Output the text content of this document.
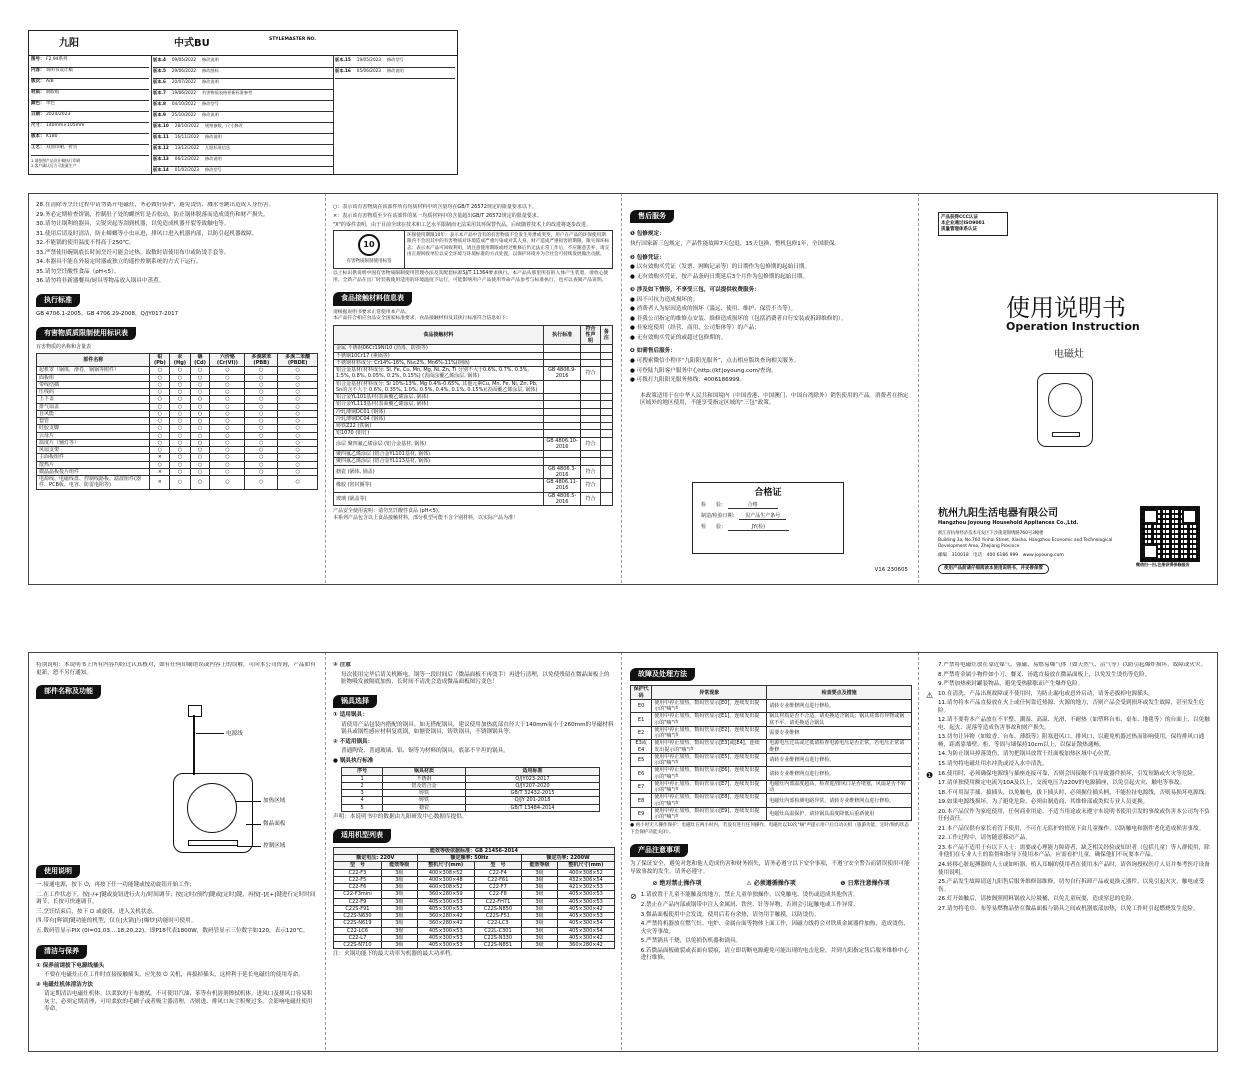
九阳	中式BU	STYLEMASTER NO.
图号： F2.94系列
内容： 说明书设计稿
版次： A/B
材质： 铜版纸
颜色： 单色
日期： 2024/2023
尺寸： 140mm×105mm
版本： K180
工艺： 双面印刷，折页
1.请按照产品设计稿执行印刷
2.客户确认后方可批量生产
版本.4 09/05/2022 修改说明
版本.5 29/06/2022 修改图标
版本.6 20/07/2022 修改说明
版本.7 19/06/2022 有害物质表格更新标准参考
版本.8 04/10/2022 修改型号
版本.9 25/10/2022 修改说明
版本.10 28/10/2022 规格参数，尺寸修改
版本.11 16/11/2022 修改说明
版本.12 13/12/2022 九阳标准信息
版本.13 06/12/2022 修改说明
版本.14 01/02/2023 修改型号
版本.15 19/05/2023 修改型号
版本.16 05/06/2023 修改说明

28.在清除等烹饪过程中请勿离开电磁灶，务必做好防护，避免烫伤、溅水等跳出造成人身伤害。

29.务必定期检查饼锅，控制肚子处的螺丝钉是否松动，防止锅体脱落而造成烫伤和财产损失。

30.请勿让锅利的器具，尖锐突起等刮到机器，以免造成机器开裂等致触电等。

31.使用后请及时清洁，防止蟑螂等小虫从进，排风口进入机器内部，以防引起机器故障。

32.不能锅的使用温度不得高于250℃。

33.严禁使用碗锅底长时间烹饪可能会过热，取数时请使用布巾或防烫手套等。

34.本器具不能在外接定时器或独立的遥控控制系统的方式下运行。

35.请勿烹饪酸性食品（pH<5）。

36.请勿将非新器餐具/厨具等物品放入锅具中蒸煮。

执行标准

GB 4706.1-2005，GB 4706.29-2008，Q/JY017-2017

有害物质质限制使用标识表

有害物质的名称和含量表

部件名称	铅(Pb)	汞(Hg)	镉(Cd)	六价铬(Cr(VI))	多溴联苯(PBB)	多溴二苯醚(PBDE)
起机罩（锅体，滑卷，锅锅等附件）	○	○	○	○	○	○
面板组	○	○	○	○	○	○
带线结插	○	○	○	○	○	○
压线码	○	○	○	○	○	○
上下盖	○	○	○	○	○	○
排气扇盖	○	○	○	○	○	○
自风能	○	○	○	○	○	○
套管	○	○	○	○	○	○
硅胶支脚	○	○	○	○	○	○
云母片	○	○	○	○	○	○
温度片（辅灯等）	○	○	○	○	○	○
风扇支架	○	○	○	○	○	○
主面板组件	×	○	○	○	○	○
散热片	○	○	○	○	○	○
微晶晶板投片组件	×	○	○	○	○	○
电源线、电磁线盘、控制线路板、滤波组件(器件、PCB板、电容、防雷电阻等)	×	○	○	○	○	○

○：表示该有害物质在该部件所有均质材料中的含量均在GB/T 26572规定的限量要求以下。

×：表示该有害物质至少在该部件的某一均质材料中的含量超出GB/T 26572规定的限量要求。

"X"的零件表明，由于目前全球在技术和工艺水平限制而无法采用其环保替代品，后续随着技术上的改进将逐步改进。

10
有害物质限制使用标签
环保使用期限10年：表示本产品中含有的有害物质不会发生外泄或突变，用户在产品的环保使用期限内不会因其中的有害物质对环境造成严重污染或对其人身、财产造成严重损害的期限。限失保环标志：表示本产品可回收利用，请注意使用期限或经过维修后仍无法正常工作后，不应随意丢弃，请交由正规回收单位以安全环境与环境标准的方式处置，以保护环境并为合社会可持续发展做出贡献。

以上标识供说明中国有害物质限制使用管理办法及其配套标准SJ/T 11364要求执行。本产品从那里所有的人体产生装着，请放心使用。全新产品在出厂时装载使用适用的环境温度下运行，可能影响用户产品使用寿命产品参考与标准执行，也可以查阅产品说明。

食品接触材料信息表

请根据说明书要求正常使用本产品。

本产品符合相应食品安全国家标准要求，食品接触材料及其执行标准符合信息如下：

食品接触材料	执行标准	符合性声明	备注
金属 不锈钢06Cr19Ni10 (消毒、防损等)			
不锈钢10Cr17 (素锅等)			
不锈钢材料成分: Cr14%-16%, Ni≤2%, Mn6%-11%(钢锅)			
铝合金基材(材料成分: Si, Fe, Cu, Mn, Mg, Ni, Zn, Ti 分别不大于0.6%, 0.7%, 0.3%, 1.5%, 0.8%, 0.05%, 0.2%, 0.15%) (表面涂覆乙烯涂层, 锅体)	GB 4806.9-2016	符合	
铝合金基材(材料成分: Si 10%-13%, Mg 0.4%-0.65%, 其他元素Cu, Mn, Fe, Ni, Zn, Pb, Sn的含不大于 0.6%, 0.35%, 1.0%, 0.5%, 0.4%, 0.1%, 0.15%)(表面覆乙烯涂层, 锅体)			
铝合金YL101基材(表面覆乙烯涂层, 锅体)			
铝合金YL113基材(表面覆乙烯涂层, 锅体)			
冷轧薄钢DC01 (钢体)			
冷轧薄钢DC04 (钢体)			
铸铁Z22 (铁锅)			
铝1070 (铝钉)			
涂层 聚四氟乙烯涂层 (铝合金基材, 锅体)	GB 4806.10-2016	符合	
聚四氟乙烯涂层 (铝合金YL101基材, 锅体)			
聚四氟乙烯涂层 (铝合金YL113基材, 锅体)			
搪瓷 (锅体, 锅盖)	GB 4806.3-2016	符合	
橡胶 (密封圈等)	GB 4806.11-2016	符合	
玻璃 (锅盖等)	GB 4806.5-2016	符合	

产品安全使用说明：请勿烹饪酸性食品 (pH<5)。

本系列产品包含以上食品接触材料，部分机型可能不含个别材料，以实际产品为准！

售后服务

❶ 包修规定：

执行国家新三包规定，产品性能故障7天包退，15天包换，整机包修1年，全国联保。

❷ 包修凭证：

● 以有效购买凭证（发票、网购记录等）的日期作为包修期的起始日期。

● 无有效购买凭证，按产品条码日期延后3个月作为包修期的起始日期。

❸ 涉及如下情形，不享受三包，可以提供收费服务：

● 因不可抗力造成损坏的；

● 消费者人为原因造成的损坏（滥远、使用、维护、保管不当等）。

● 非我公司指定的维修点安装、维修造成损坏的（包括消费者自行安装或拆卸维修的）。

● 非家庭使用（经营、商用、公司集体等）的产品；

● 无有效购买凭证的或超过包修期的。

❹ 如需售后服务：

● 可搜索微信小程序“九阳阳光服务”，点击相应版块查询相关服务。

● 可登陆九阳客户服务中心http://kf.joyoung.com/查询。

● 可拨打九阳阳光服务热线：4006186999。

本政策适用于在中华人民共和国境内（中国香港、中国澳门、中国台湾除外）销售使用的产品。消费者在指定区域外的地区使用，不能享受指定区域的“三包”政策。

合格证
检　　验：	合格
制造/检验日期： 见产品生产条号
检　　验：	JY(检)
V16 230605
产品获得CCC认证
本企业通过ISO9001
质量管理体系认证
使用说明书
Operation Instruction
电磁灶
杭州九阳生活电器有限公司
Hangzhou Joyoung Household Appliances Co.,Ltd.
浙江省杭州经济技术开发区下沙街道锦绣路760号3幢楼
Building 3a, No.760 Yinhai Street, Xiasha, Hangzhou Economic and Technological Development Area, Zhejiang Province
邮编：310018　电话：400 6186 999　www.joyoung.com
使用产品前请仔细阅读本使用说明书，并妥善保管
微信扫一扫,注册获得保修服务

特别说明：本说明书上所有内容均经过认真核对，如有任何印刷错误或内容上的误解，可向本公司咨询，产品如有更新，恕不另行通知。

部件名称及功能
电源线
加热区域
微晶面板
控制区域
使用说明

一.接通电源，按下 ⏻，再按下任一功能键或按动旋钮开始工作；

二.在工作状态下，按[-/+]键或旋钮进行火力/时间调节；按[定时/预约]键或[定时]键，再按[-]/[+]键进行定时时间调节，长按可快速调节。

三.烹饪结束后，按下 ⏻ 或旋钮，进入关机状态。

四.带有[辉锅]键功能的机型，仅在[火锅]与[爆炒]功能时可使用。

五.数码管显示PIX (0l=01,03....18,20,22)，即P18代表1800W，数码管显示三位数字如120，表示120℃。

清洁与保养

① 保养前请拔下电源线插头

不要在电磁灶正在工作时直接接触插头，应先按 ⏻ 关机，再拔掉插头，这样利于延长电磁灶的使用寿命。

② 电磁灶机体清洁方法

请定期清洁电磁灶机体。以柔软的干布擦拭。不可使用汽油、苯等有机溶剂擦拭机体。进风口及排风口容易积灰尘，必须定期清理，可用柔软的毛刷子或者吸尘器清理，否则进、排风口灰尘积聚过多，会影响电磁灶使用寿命。

③ 注意

每次使用完毕后请关机断电。锅等一段时间后（微晶面板不再烫手）再进行清理，以免使残留在微晶面板上的脏物吸发被隔底加热，长时间不清洗会造成微晶面板图污变色！

锅具选择

① 适用锅具：

请使用产品包装内搭配的锅具。如无搭配锅具，建议使用加热底部直径大于140mm而小于260mm的导磁材料锅具或锅性感应材料复底锅，如搪瓷锅具，铸铁锅具，不锈钢锅具等。

② 不适用锅具：

普通陶瓷、普通玻璃、铝、铜等为材料的锅具，底部不平坦的锅具。

● 锅具执行标准

序号	锅具材质	适用标准
1	不锈钢	Q/JY023-2017
2	铝及铝合金	Q/JY207-2020
3	铸铁	GB/T 32432-2015
4	铸铁	Q/JY 201-2018
5	搪瓷	GB/T 13484-2014

声明：本说明书中的数据由九阳研发中心数据库提供。

适用机型列表
能效等级依据标准：GB 21456-2014					
额定电压: 220V		额定频率: 50Hz		额定功率: 2200W	
型　号	能效等级	整机尺寸(mm)	型　号	能效等级	整机尺寸(mm)
C22-F3	3级	400×308×52	C22-F4	3级	400×308×52
C22-F5	3级	400×300×48	C22-F61	3级	432×306×54
C22-F6	3级	400×308×52	C22-F7	3级	421×302×53
C22-F3mini	3级	360×280×59	C22-F8	3级	405×300×53
C22-F9	3级	405×300×53	C22-FH71	3级	405×300×53
C22S-F91	3级	405×300×53	C22S-N850	3级	405×300×42
C22S-N630	3级	360×280×42	C22S-F51	3级	405×300×53
C22S-N619	3级	360×280×42	C22-LC3	3级	405×300×54
C22-LC6	3级	405×300×53	C22L-C301	3级	405×300×54
C22-L7	3级	405×300×53	C22S-N330	3级	405×300×42
C22S-N710	3级	405×300×53	C22S-N851	3级	360×280×42

注：火锅功能下的最大功率为机器的最大功率档。

故障及处理方法
保护代码	异常现象	检查要点及措施
E0	使用中停止加热，数码管显示[E0]，连续发出提示的"嘀"声	请转专业维修网点进行修检。
E1	使用中停止加热，数码管显示[E1]，连续发出提示的"嘀"声	锅具材质是否不合适，请更换适合锅具；锅具底部有异物或锅底不平，请更换适合锅具
E2	使用中停止加热，数码管显示[E2]，连续发出提示的"嘀"声	需要专业维修
E3或E4	使用中停止加热，数码管显示[E3]或[E4]，连续发出提示的"嘀"声	电源电压过高或过低请检查电源电压是否正常，若电压正常请维修
E5	使用中停止加热，数码管显示[E5]，连续发出提示的"嘀"声	请转专业维修网点进行修检。
E6	使用中停止加热，数码管显示[E6]，连续发出提示的"嘀"声	请转专业维修网点进行修检。
E7	使用中停止加热，数码管显示[E7]，连续发出提示的"嘀"声	电磁灶内部温度超高，检查进/排风口是否堵塞，风扇是否不转动
E8	使用中停止加热，数码管显示[E8]，连续发出提示的"嘀"声	电磁灶内部检测电路异常，请转专业维修网点进行修检。
E9	使用中停止加热，数码管显示[E9]，连续发出提示的"嘀"声	电磁灶高温保护，请待锅具温度降低后重新使用

● 两小时无人操作保护：电磁灶在两小时内，若没有进行任何操作，电磁灶以10次"嘀"声提示用户后自动关机（旅游功能、定时/预约状态下会保护功能关闭）。

产品注意事项

为了保证安全，避免对您和他人造成伤害和财务损失，请务必遵守以下安全事项，不遵守安全警告而错误使用可能导致事故的发生，请务必遵守。

⊘ 绝对禁止操作项	⚠ 必须遵循操作项	❶ 日常注意操作项
⊘ 1.请放置于儿童不能触及的地方，禁止儿童单独操作，以免触电、烫伤或造成其他伤害。

2.禁止在产品内部或锅带中注入金属屑、铁丝、针等异物，否则会引起触电或工作异常。

3.微晶面板使用中会发烫，使用后若有余热，请勿用手触摸，以防烫伤。

4.严禁将机器放在燃气灶、电炉、金属台面等物体上面工作，因磁力线将会对铁质金属器件加热，造成烫伤、火灾等事故。

5.严禁锅具干烧，以免损伤机器和锅具。

6.若微晶面板破裂或表面有裂痕，请立即切断电源避免可能出现的电击危险，并到九阳指定售后服务维修中心进行维修。

7.严禁将电磁灶放在靠近煤气、强磁、易燃易爆气体（如天然气、沼气等）以防引起爆炸损坏、故障或火灾。

8.严禁将金属小物件如小刀、餐叉、汤匙直接放在微晶面板上，以免发生烫伤等危险。

9.严禁加热密封罐装物品，避免受热膨胀而产生爆炸危险。

⚠ 10.在清洗、产品出现故障或不使用时，为防止漏电或意外启动，请务必拔掉电源插头。

11.请勿将本产品直接放在火上或任何靠近热源、火源的地方，否则产品会受到损坏或发生故障，甚至发生危险。

12.请不要将本产品放在不平整、潮湿、高温、光滑、不耐热（如塑料台布、桌布、地毯等）的台面上，以免触电、起火、泥落等造成伤害事故和财产损失。

13.切勿让异物（如蚊香、台布、薄纸等）阻塞进风口、排风口，以避免机器过热而影响使用，保持排风口通畅，距离靠墙壁、柜、等固与墙保持10cm以上，以保证散热通畅。

14.为防止锅具掉落烫伤，请勿把锅具放置于灶面板加热区域中心位置。

15.请勿将电磁灶用水冲洗或浸入水中清洗。

❶ 16.使用时，必须确保电源线与插座连接可靠，否则会因接触不良导致器件损坏，引发短路或火灾等危险。

17.请单独使用额定电流为10A及以上，交流电压为220V的电源插座，以免引起火灾、触电等事故。

18.不可用湿手插、拔插头，以免触电，拔下插头时，必须握住插头柄，不能拉扯电源线，否则易损坏电源线。

19.如果电源线损坏，为了避免危险，必须由制造商、其维修部或类似专业人员更换。

20.本产品仅作为家庭使用，任何商业用途、不适当用途或未遵守本说明书使用引发的事故或伤害本公司均不负任何责任。

21.本产品仅供有家长看管下使用，不可在无监护的情况下由儿童操作，以防触电和器件老化造成损害事故。

22.工作过程中，请勿随意移动产品。

23.本产品不适用于有以下人士：需要或心理能力障碍者，缺乏相关经验或知识者（包括儿童）等人群使用，除非他们在专业人士的监督和指导下使用本产品，应需看护儿童，确保他们不玩耍本产品。

24.转移心脏起搏器的人士或如听器，植入耳蜗的使用者在使用本产品时，请咨询授权医疗人员并参考医疗设备使用说明。

25.产品发生故障请送九阳售后服务维修部维修，切勿自行拆卸产品或更换元器件，以免引起火灾，触电或受伤。

26.灯开始触后，请按阁照照料锅放入垃圾桶，以免儿童玩耍，造成窒息的危险。

27.请勿将毛巾、布等易燃物品垫在微晶面板与锅具之间或机器底部加热，以免工作时引起燃烧发生危险。
